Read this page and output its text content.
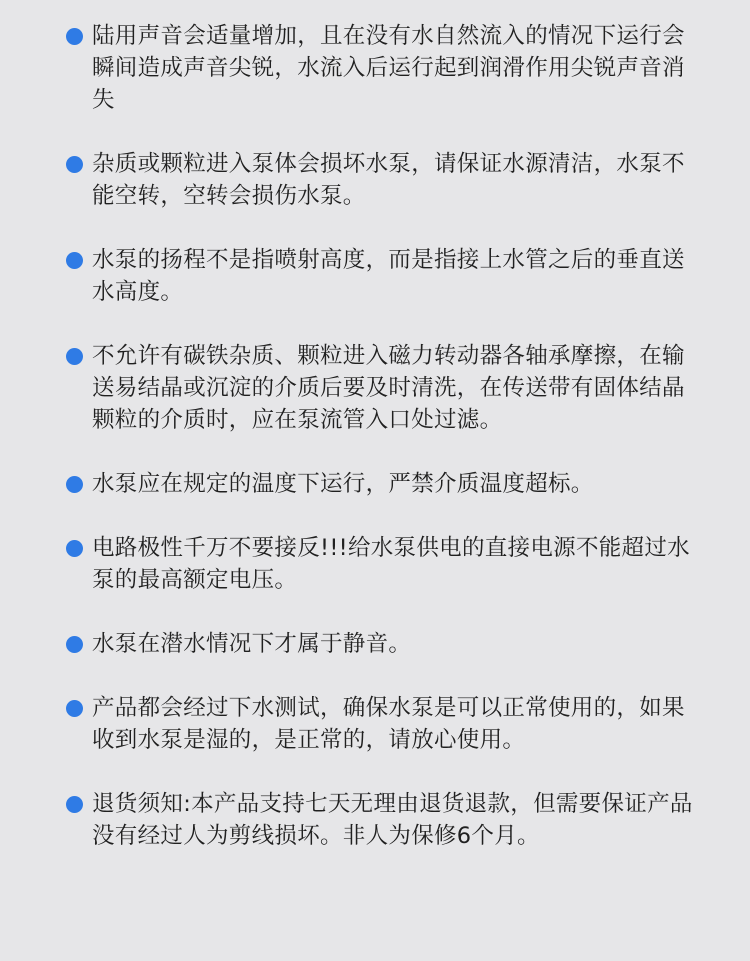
陆用声音会适量增加，且在没有水自然流入的情况下运行会瞬间造成声音尖锐，水流入后运行起到润滑作用尖锐声音消失
杂质或颗粒进入泵体会损坏水泵，请保证水源清洁，水泵不能空转，空转会损伤水泵。
水泵的扬程不是指喷射高度，而是指接上水管之后的垂直送水高度。
不允许有碳铁杂质、颗粒进入磁力转动器各轴承摩擦，在输送易结晶或沉淀的介质后要及时清洗，在传送带有固体结晶颗粒的介质时，应在泵流管入口处过滤。
水泵应在规定的温度下运行，严禁介质温度超标。
电路极性千万不要接反!!!给水泵供电的直接电源不能超过水泵的最高额定电压。
水泵在潜水情况下才属于静音。
产品都会经过下水测试，确保水泵是可以正常使用的，如果收到水泵是湿的，是正常的，请放心使用。
退货须知:本产品支持七天无理由退货退款，但需要保证产品没有经过人为剪线损坏。非人为保修6个月。
